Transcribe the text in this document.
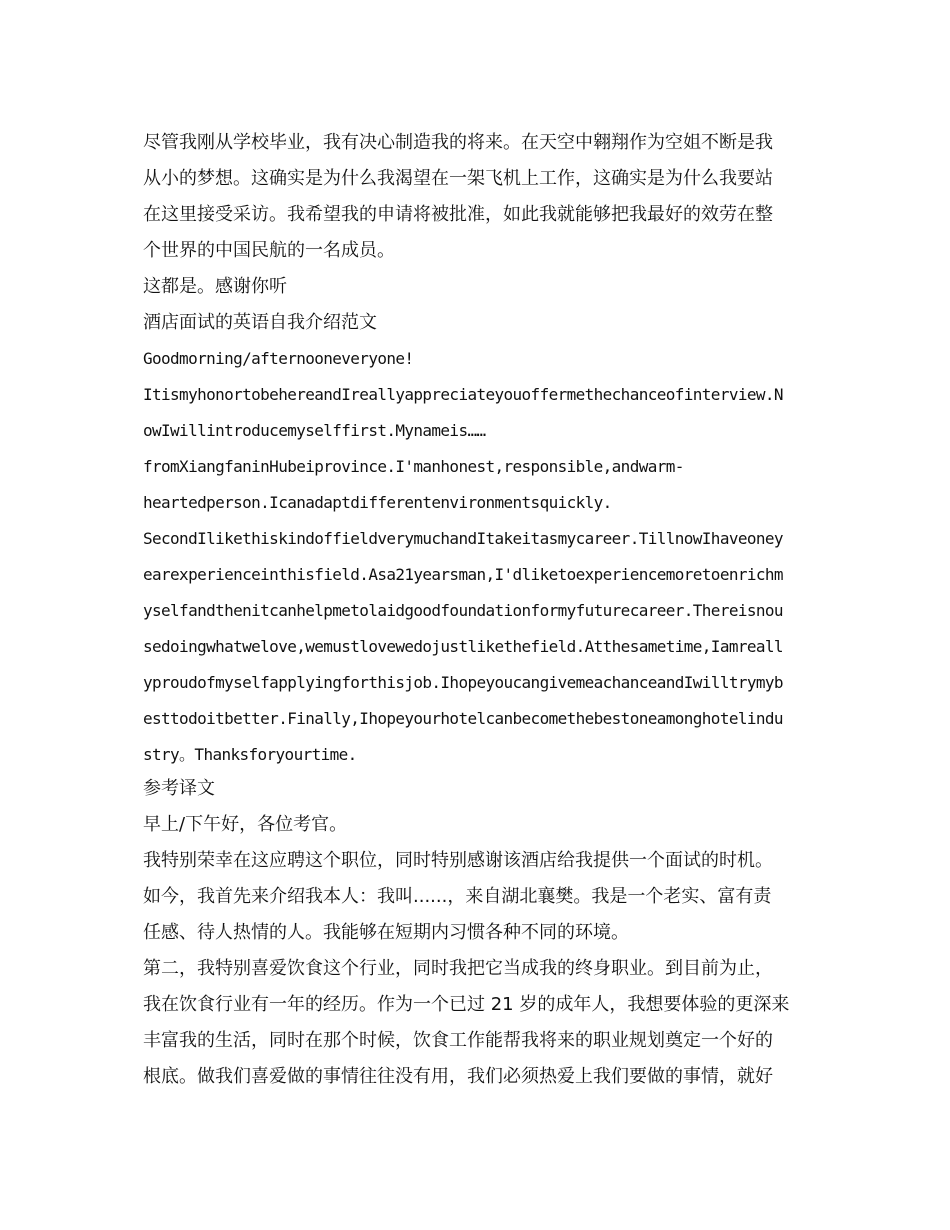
尽管我刚从学校毕业，我有决心制造我的将来。在天空中翱翔作为空姐不断是我

从小的梦想。这确实是为什么我渴望在一架飞机上工作，这确实是为什么我要站

在这里接受采访。我希望我的申请将被批准，如此我就能够把我最好的效劳在整

个世界的中国民航的一名成员。

这都是。感谢你听

酒店面试的英语自我介绍范文

Goodmorning/afternooneveryone!

ItismyhonortobehereandIreallyappreciateyouoffermethechanceofinterview.N

owIwillintroducemyselffirst.Mynameis……

fromXiangfaninHubeiprovince.I'manhonest,responsible,andwarm-

heartedperson.Icanadaptdifferentenvironmentsquickly.

SecondIlikethiskindoffieldverymuchandItakeitasmycareer.TillnowIhaveoney

earexperienceinthisfield.Asa21yearsman,I'dliketoexperiencemoretoenrichm

yselfandthenitcanhelpmetolaidgoodfoundationformyfuturecareer.Thereisnou

sedoingwhatwelove,wemustlovewedojustlikethefield.Atthesametime,Iamreall

yproudofmyselfapplyingforthisjob.IhopeyoucangivemeachanceandIwilltrymyb

esttodoitbetter.Finally,Ihopeyourhotelcanbecomethebestoneamonghotelindu

stry。Thanksforyourtime.

参考译文

早上/下午好，各位考官。

我特别荣幸在这应聘这个职位，同时特别感谢该酒店给我提供一个面试的时机。

如今，我首先来介绍我本人：我叫......，来自湖北襄樊。我是一个老实、富有责

任感、待人热情的人。我能够在短期内习惯各种不同的环境。

第二，我特别喜爱饮食这个行业，同时我把它当成我的终身职业。到目前为止，

我在饮食行业有一年的经历。作为一个已过 21 岁的成年人，我想要体验的更深来

丰富我的生活，同时在那个时候，饮食工作能帮我将来的职业规划奠定一个好的

根底。做我们喜爱做的事情往往没有用，我们必须热爱上我们要做的事情，就好
